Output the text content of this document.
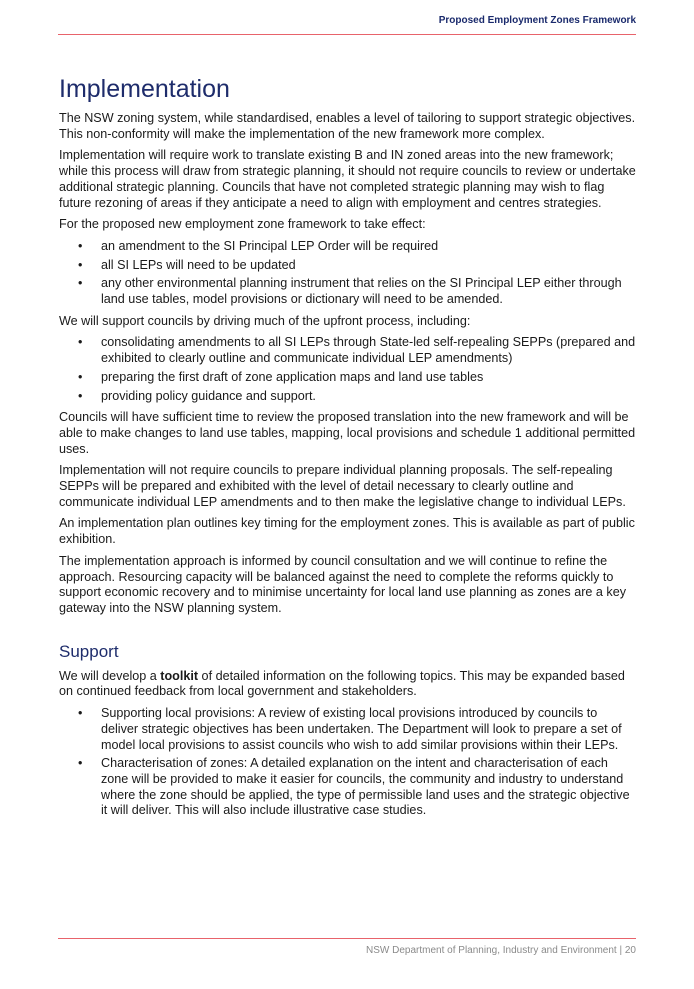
Proposed Employment Zones Framework
Implementation

The NSW zoning system, while standardised, enables a level of tailoring to support strategic objectives. This non-conformity will make the implementation of the new framework more complex.

Implementation will require work to translate existing B and IN zoned areas into the new framework; while this process will draw from strategic planning, it should not require councils to review or undertake additional strategic planning. Councils that have not completed strategic planning may wish to flag future rezoning of areas if they anticipate a need to align with employment and centres strategies.

For the proposed new employment zone framework to take effect:

• an amendment to the SI Principal LEP Order will be required
• all SI LEPs will need to be updated
• any other environmental planning instrument that relies on the SI Principal LEP either through land use tables, model provisions or dictionary will need to be amended.

We will support councils by driving much of the upfront process, including:

• consolidating amendments to all SI LEPs through State-led self-repealing SEPPs (prepared and exhibited to clearly outline and communicate individual LEP amendments)
• preparing the first draft of zone application maps and land use tables
• providing policy guidance and support.

Councils will have sufficient time to review the proposed translation into the new framework and will be able to make changes to land use tables, mapping, local provisions and schedule 1 additional permitted uses.

Implementation will not require councils to prepare individual planning proposals. The self-repealing SEPPs will be prepared and exhibited with the level of detail necessary to clearly outline and communicate individual LEP amendments and to then make the legislative change to individual LEPs.

An implementation plan outlines key timing for the employment zones. This is available as part of public exhibition.

The implementation approach is informed by council consultation and we will continue to refine the approach. Resourcing capacity will be balanced against the need to complete the reforms quickly to support economic recovery and to minimise uncertainty for local land use planning as zones are a key gateway into the NSW planning system.

Support

We will develop a toolkit of detailed information on the following topics. This may be expanded based on continued feedback from local government and stakeholders.

• Supporting local provisions: A review of existing local provisions introduced by councils to deliver strategic objectives has been undertaken. The Department will look to prepare a set of model local provisions to assist councils who wish to add similar provisions within their LEPs.
• Characterisation of zones: A detailed explanation on the intent and characterisation of each zone will be provided to make it easier for councils, the community and industry to understand where the zone should be applied, the type of permissible land uses and the strategic objective it will deliver. This will also include illustrative case studies.
NSW Department of Planning, Industry and Environment | 20
